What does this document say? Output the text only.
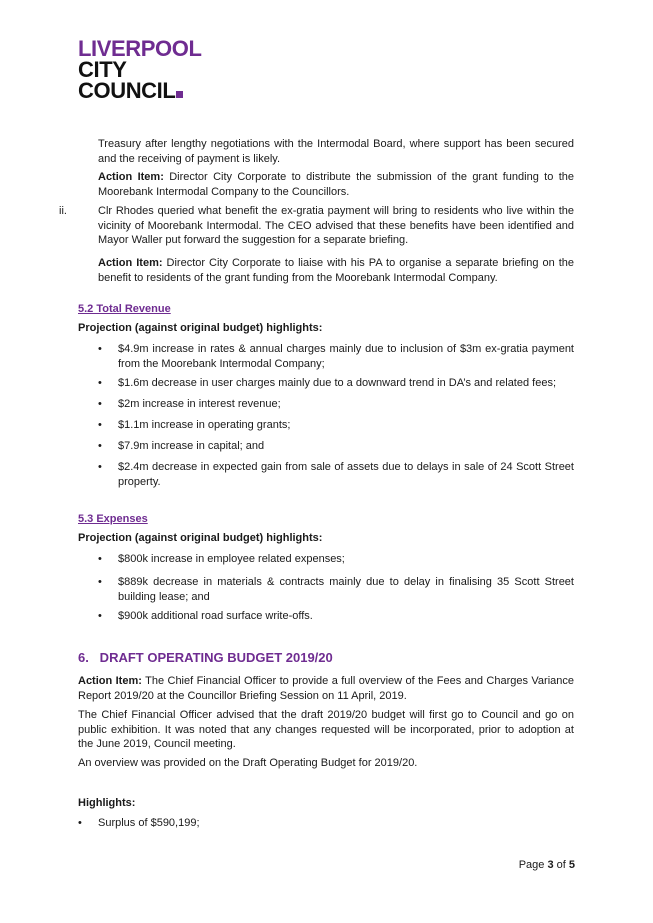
LIVERPOOL
CITY
COUNCIL
Treasury after lengthy negotiations with the Intermodal Board, where support has been secured and the receiving of payment is likely.
Action Item: Director City Corporate to distribute the submission of the grant funding to the Moorebank Intermodal Company to the Councillors.
ii.	Clr Rhodes queried what benefit the ex-gratia payment will bring to residents who live within the vicinity of Moorebank Intermodal. The CEO advised that these benefits have been identified and Mayor Waller put forward the suggestion for a separate briefing.
Action Item: Director City Corporate to liaise with his PA to organise a separate briefing on the benefit to residents of the grant funding from the Moorebank Intermodal Company.
5.2 Total Revenue
Projection (against original budget) highlights:
• $4.9m increase in rates & annual charges mainly due to inclusion of $3m ex-gratia payment from the Moorebank Intermodal Company;
• $1.6m decrease in user charges mainly due to a downward trend in DA’s and related fees;
• $2m increase in interest revenue;
• $1.1m increase in operating grants;
• $7.9m increase in capital; and
• $2.4m decrease in expected gain from sale of assets due to delays in sale of 24 Scott Street property.
5.3 Expenses
Projection (against original budget) highlights:
• $800k increase in employee related expenses;
• $889k decrease in materials & contracts mainly due to delay in finalising 35 Scott Street building lease; and
• $900k additional road surface write-offs.
6.   DRAFT OPERATING BUDGET 2019/20
Action Item: The Chief Financial Officer to provide a full overview of the Fees and Charges Variance Report 2019/20 at the Councillor Briefing Session on 11 April, 2019.
The Chief Financial Officer advised that the draft 2019/20 budget will first go to Council and go on public exhibition. It was noted that any changes requested will be incorporated, prior to adoption at the June 2019, Council meeting.
An overview was provided on the Draft Operating Budget for 2019/20.
Highlights:
• Surplus of $590,199;
Page 3 of 5
